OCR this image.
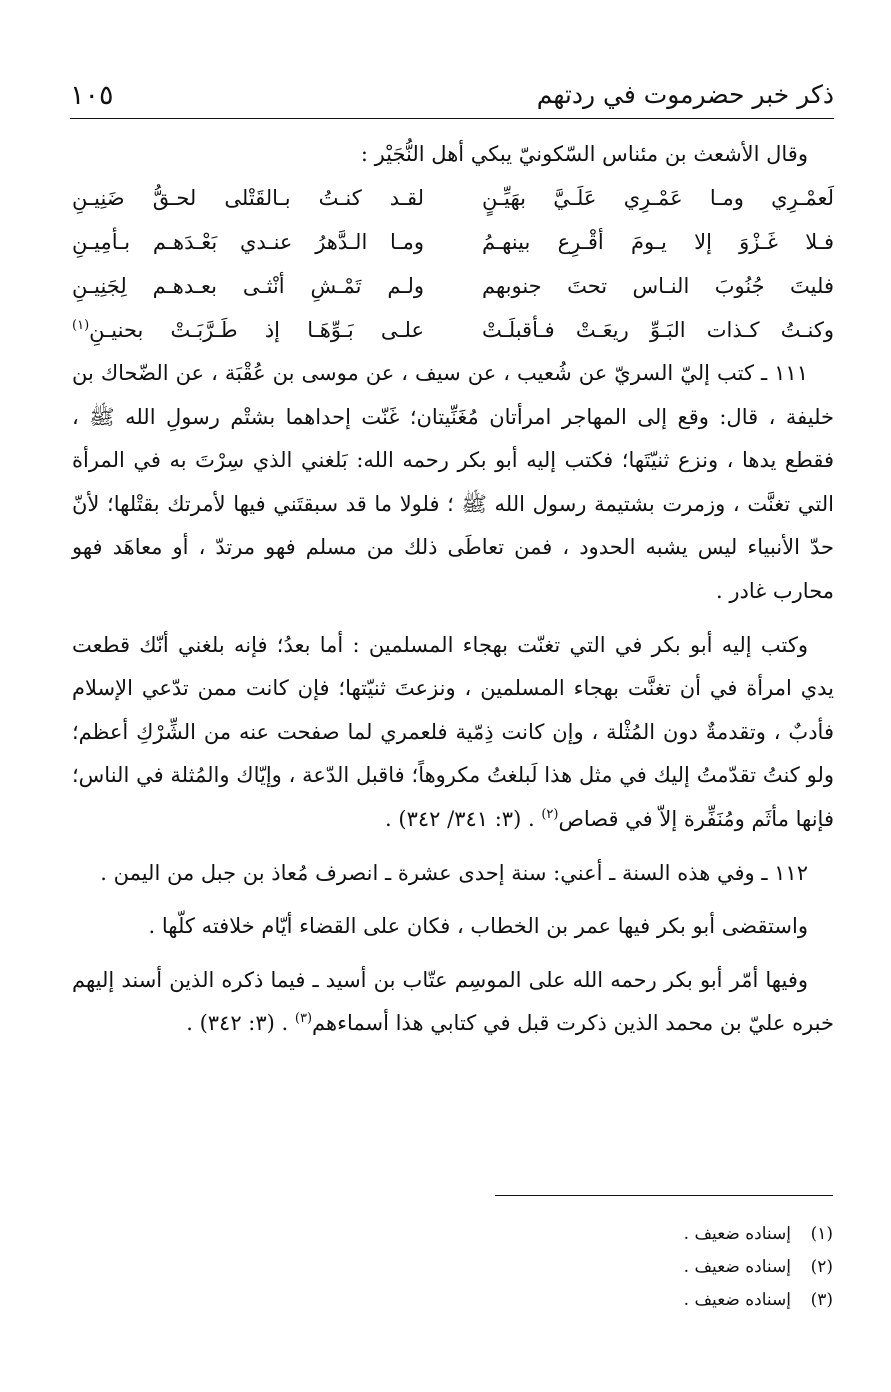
ذكر خبر حضرموت في ردتهم
١٠٥

وقال الأشعث بن مئناس السّكونيّ يبكي أهل النُّجَيْر :

لَعمْـرِي ومـا عَمْـرِي عَلَـيَّ بهَيِّـنٍ
لقـد كنـتُ بـالقَتْلى لحـقُّ ضَنِيـنِ
فـلا غَـزْوَ إلا يـومَ أقْـرِع بينهـمُ
ومـا الـدَّهرُ عنـدي بَعْـدَهـم بـأمِيـنِ
فليتَ جُنُوبَ النـاس تحتَ جنوبهم
ولـم تَمْـشِ أنْثـى بعـدهـم لِجَنِيـنِ
وكنـتُ كـذات البَـوِّ ريعَـتْ فـأقبلَـتْ
علـى بَـوِّهَـا إذ طَـرَّبَـتْ بحنيـنِ$^{(١)}$

١١١ ـ كتب إليّ السريّ عن شُعيب ، عن سيف ، عن موسى بن عُقْبَة ، عن الضّحاك بن خليفة ، قال: وقع إلى المهاجر امرأتان مُغَنِّيتان؛ غَنّت إحداهما بشتْم رسولِ الله ﷺ ، فقطع يدها ، ونزع ثنيّتَها؛ فكتب إليه أبو بكر رحمه الله: بَلغني الذي سِرْتَ به في المرأة التي تغنَّت ، وزمرت بشتيمة رسول الله ﷺ ؛ فلولا ما قد سبقتَني فيها لأمرتك بقتْلها؛ لأنّ حدّ الأنبياء ليس يشبه الحدود ، فمن تعاطَى ذلك من مسلم فهو مرتدّ ، أو معاهَد فهو محارب غادر .

وكتب إليه أبو بكر في التي تغنّت بهجاء المسلمين : أما بعدُ؛ فإنه بلغني أنّك قطعت يدي امرأة في أن تغنَّت بهجاء المسلمين ، ونزعتَ ثنيّتها؛ فإن كانت ممن تدّعي الإسلام فأدبٌ ، وتقدمةٌ دون المُثْلة ، وإن كانت ذِمّية فلعمري لما صفحت عنه من الشِّرْكِ أعظم؛ ولو كنتُ تقدّمتُ إليك في مثل هذا لَبلغتُ مكروهاً؛ فاقبل الدّعة ، وإيّاك والمُثلة في الناس؛ فإنها مأثَم ومُنَفِّرة إلاّ في قصاص$^{(٢)}$ . (٣: ٣٤١/ ٣٤٢) .

١١٢ ـ وفي هذه السنة ـ أعني: سنة إحدى عشرة ـ انصرف مُعاذ بن جبل من اليمن .

واستقضى أبو بكر فيها عمر بن الخطاب ، فكان على القضاء أيّام خلافته كلّها .

وفيها أمّر أبو بكر رحمه الله على الموسِم عتّاب بن أسيد ـ فيما ذكره الذين أسند إليهم خبره عليّ بن محمد الذين ذكرت قبل في كتابي هذا أسماءهم$^{(٣)}$ . (٣: ٣٤٢) .

(١)إسناده ضعيف .
(٢)إسناده ضعيف .
(٣)إسناده ضعيف .
